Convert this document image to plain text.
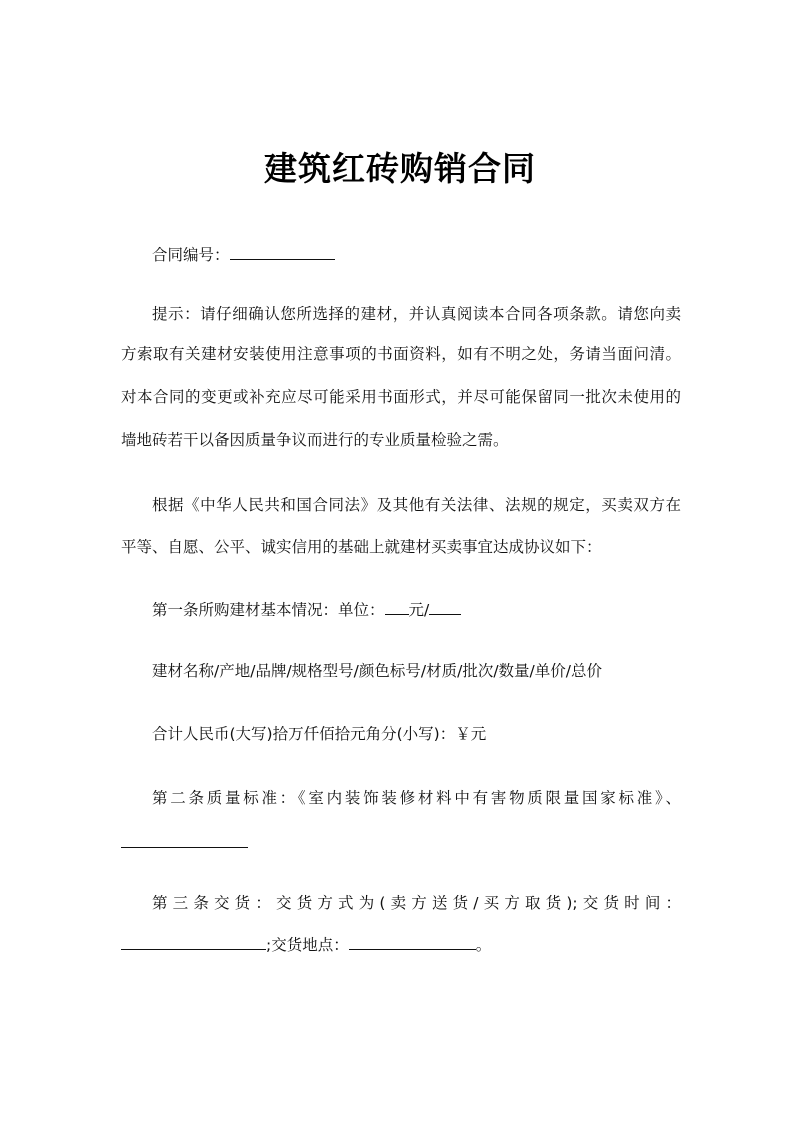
建筑红砖购销合同
合同编号：
提示：请仔细确认您所选择的建材，并认真阅读本合同各项条款。请您向卖
方索取有关建材安装使用注意事项的书面资料，如有不明之处，务请当面问清。
对本合同的变更或补充应尽可能采用书面形式，并尽可能保留同一批次未使用的
墙地砖若干以备因质量争议而进行的专业质量检验之需。
根据《中华人民共和国合同法》及其他有关法律、法规的规定，买卖双方在
平等、自愿、公平、诚实信用的基础上就建材买卖事宜达成协议如下：
第一条所购建材基本情况：单位： 元/
建材名称/产地/品牌/规格型号/颜色标号/材质/批次/数量/单价/总价
合计人民币(大写)拾万仟佰拾元角分(小写)：￥元
第二条质量标准：《室内装饰装修材料中有害物质限量国家标准》、
第三条交货：交货方式为(卖方送货/买方取货);交货时间：
;交货地点：	。
